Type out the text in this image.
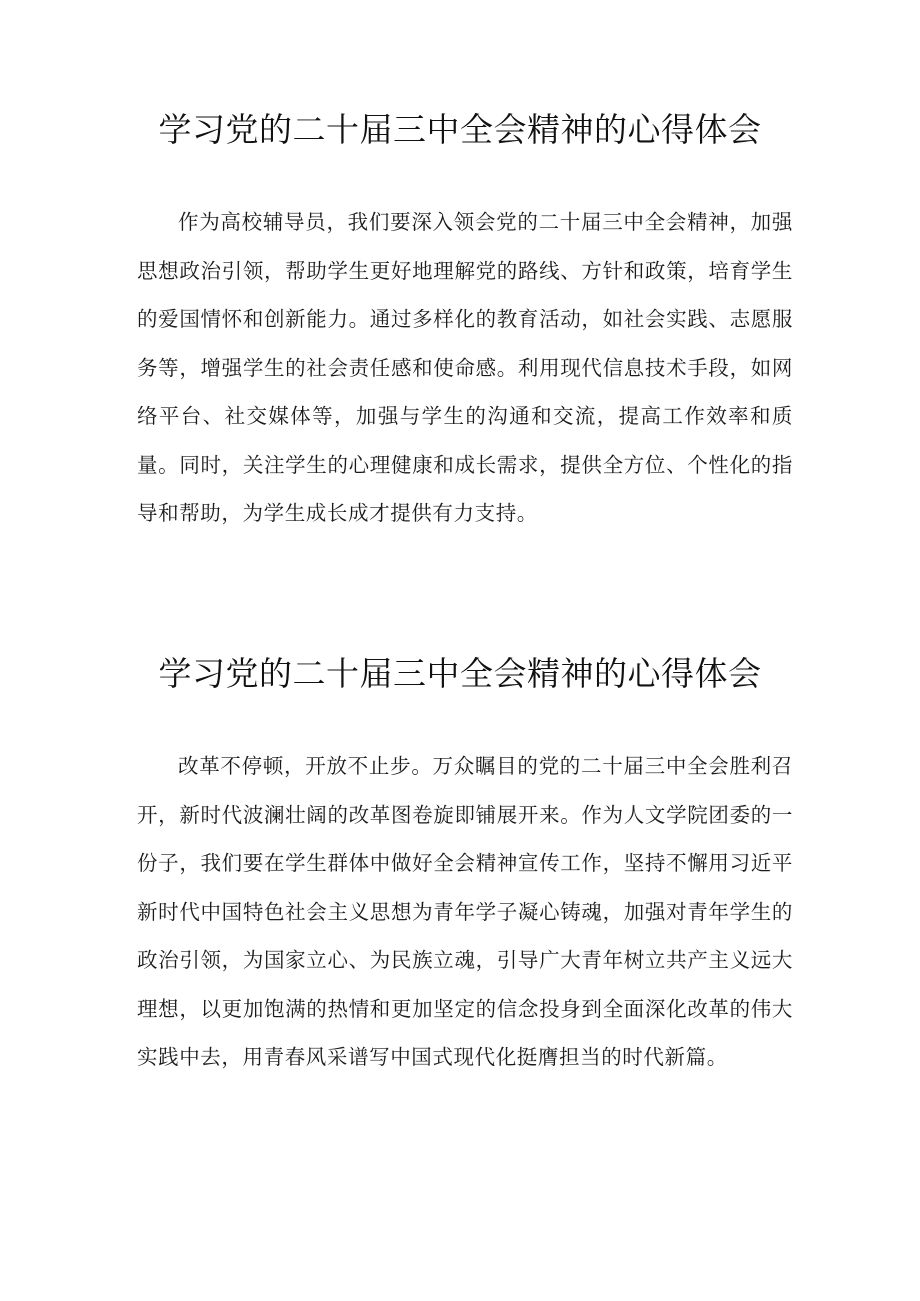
学习党的二十届三中全会精神的心得体会

作为高校辅导员，我们要深入领会党的二十届三中全会精神，加强思想政治引领，帮助学生更好地理解党的路线、方针和政策，培育学生的爱国情怀和创新能力。通过多样化的教育活动，如社会实践、志愿服务等，增强学生的社会责任感和使命感。利用现代信息技术手段，如网络平台、社交媒体等，加强与学生的沟通和交流，提高工作效率和质量。同时，关注学生的心理健康和成长需求，提供全方位、个性化的指导和帮助，为学生成长成才提供有力支持。

学习党的二十届三中全会精神的心得体会

改革不停顿，开放不止步。万众瞩目的党的二十届三中全会胜利召开，新时代波澜壮阔的改革图卷旋即铺展开来。作为人文学院团委的一份子，我们要在学生群体中做好全会精神宣传工作，坚持不懈用习近平新时代中国特色社会主义思想为青年学子凝心铸魂，加强对青年学生的政治引领，为国家立心、为民族立魂，引导广大青年树立共产主义远大理想，以更加饱满的热情和更加坚定的信念投身到全面深化改革的伟大实践中去，用青春风采谱写中国式现代化挺膺担当的时代新篇。
